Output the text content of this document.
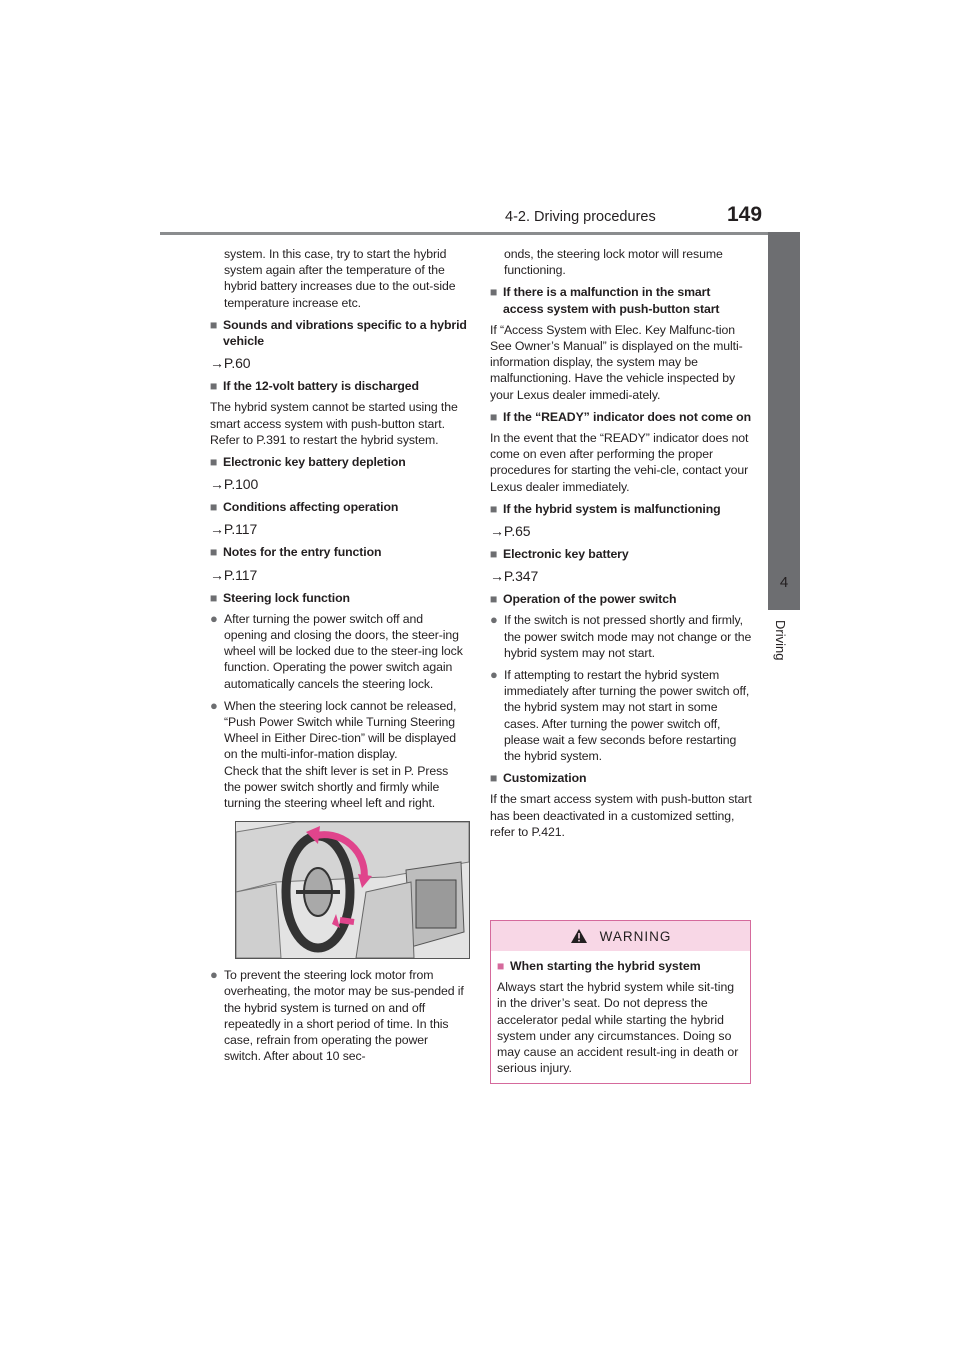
4-2. Driving procedures	149
Driving
4

system. In this case, try to start the hybrid system again after the temperature of the hybrid battery increases due to the out-side temperature increase etc.

■ Sounds and vibrations specific to a hybrid vehicle

→P.60

■ If the 12-volt battery is discharged

The hybrid system cannot be started using the smart access system with push-button start. Refer to P.391 to restart the hybrid system.

■ Electronic key battery depletion

→P.100

■ Conditions affecting operation

→P.117

■ Notes for the entry function

→P.117

■ Steering lock function
● After turning the power switch off and opening and closing the doors, the steer-ing wheel will be locked due to the steer-ing lock function. Operating the power switch again automatically cancels the steering lock.
● When the steering lock cannot be released, “Push Power Switch while Turning Steering Wheel in Either Direc-tion” will be displayed on the multi-infor-mation display.

Check that the shift lever is set in P. Press the power switch shortly and firmly while turning the steering wheel left and right.

● To prevent the steering lock motor from overheating, the motor may be sus-pended if the hybrid system is turned on and off repeatedly in a short period of time. In this case, refrain from operating the power switch. After about 10 sec-

onds, the steering lock motor will resume functioning.

■ If there is a malfunction in the smart access system with push-button start

If “Access System with Elec. Key Malfunc-tion See Owner’s Manual” is displayed on the multi-information display, the system may be malfunctioning. Have the vehicle inspected by your Lexus dealer immedi-ately.

■ If the “READY” indicator does not come on

In the event that the “READY” indicator does not come on even after performing the proper procedures for starting the vehi-cle, contact your Lexus dealer immediately.

■ If the hybrid system is malfunctioning

→P.65

■ Electronic key battery

→P.347

■ Operation of the power switch
● If the switch is not pressed shortly and firmly, the power switch mode may not change or the hybrid system may not start.
● If attempting to restart the hybrid system immediately after turning the power switch off, the hybrid system may not start in some cases. After turning the power switch off, please wait a few seconds before restarting the hybrid system.
■ Customization

If the smart access system with push-button start has been deactivated in a customized setting, refer to P.421.

WARNING
■ When starting the hybrid system

Always start the hybrid system while sit-ting in the driver’s seat. Do not depress the accelerator pedal while starting the hybrid system under any circumstances. Doing so may cause an accident result-ing in death or serious injury.
